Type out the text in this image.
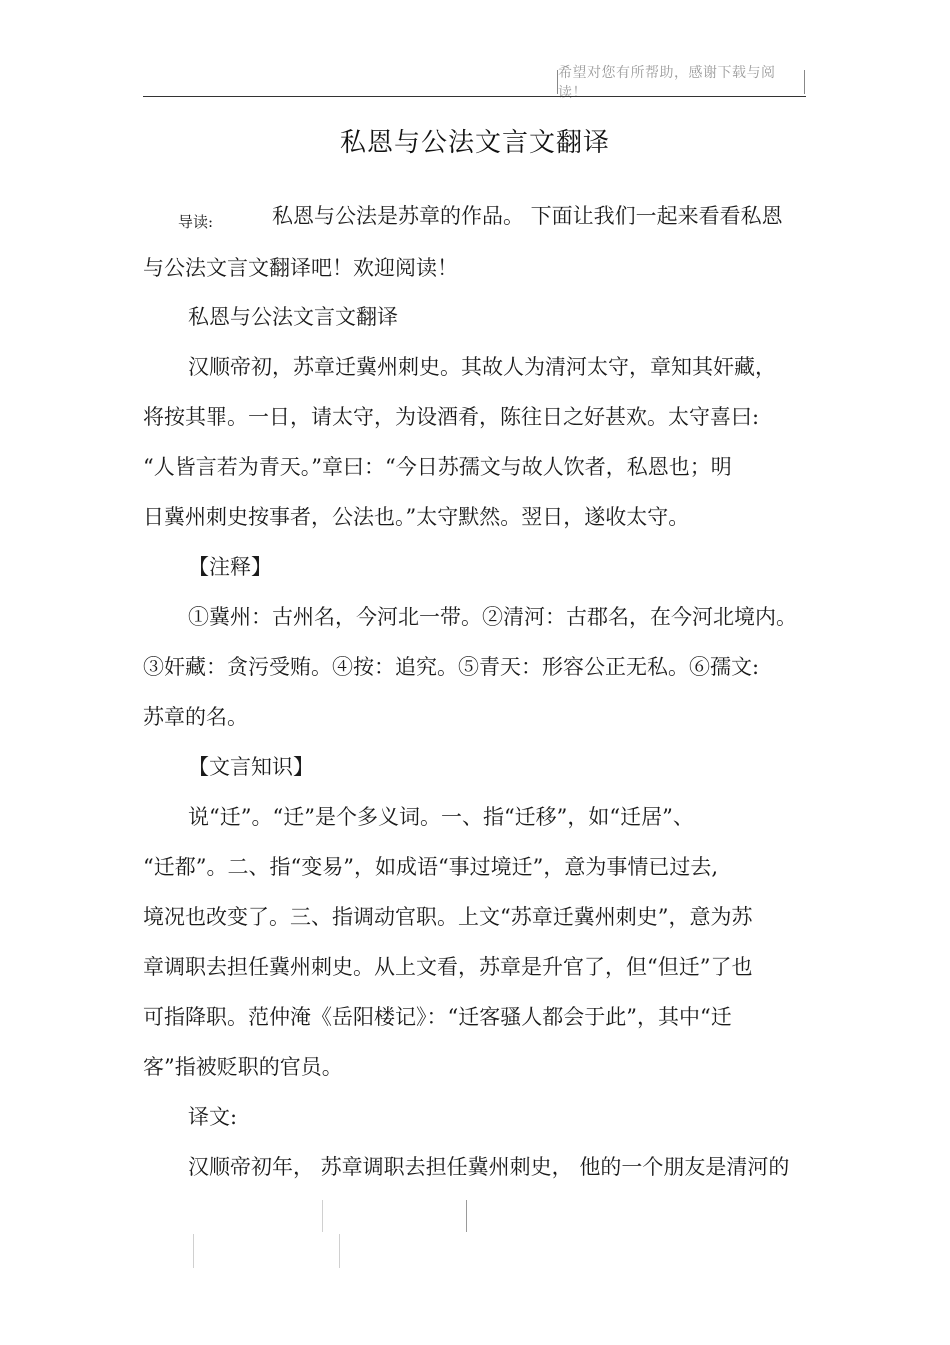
希望对您有所帮助，感谢下载与阅读！
私恩与公法文言文翻译
导读:	私恩与公法是苏章的作品。 下面让我们一起来看看私恩
与公法文言文翻译吧！欢迎阅读！
私恩与公法文言文翻译
汉顺帝初，苏章迁冀州刺史。其故人为清河太守，章知其奸藏，
将按其罪。一日，请太守，为设酒肴，陈往日之好甚欢。太守喜曰:
“人皆言若为青天。”章曰：“今日苏孺文与故人饮者，私恩也；明
日冀州刺史按事者，公法也。”太守默然。翌日，遂收太守。
【注释】
①冀州：古州名，今河北一带。②清河：古郡名，在今河北境内。
③奸藏：贪污受贿。④按：追究。⑤青天：形容公正无私。⑥孺文:
苏章的名。
【文言知识】
说“迁”。“迁”是个多义词。一、指“迁移”，如“迁居”、
“迁都”。二、指“变易”，如成语“事过境迁”，意为事情已过去,
境况也改变了。三、指调动官职。上文“苏章迁冀州刺史”，意为苏
章调职去担任冀州刺史。从上文看，苏章是升官了，但“但迁”了也
可指降职。范仲淹《岳阳楼记》：“迁客骚人都会于此”，其中“迁
客”指被贬职的官员。
译文:
汉顺帝初年， 苏章调职去担任冀州刺史， 他的一个朋友是清河的
